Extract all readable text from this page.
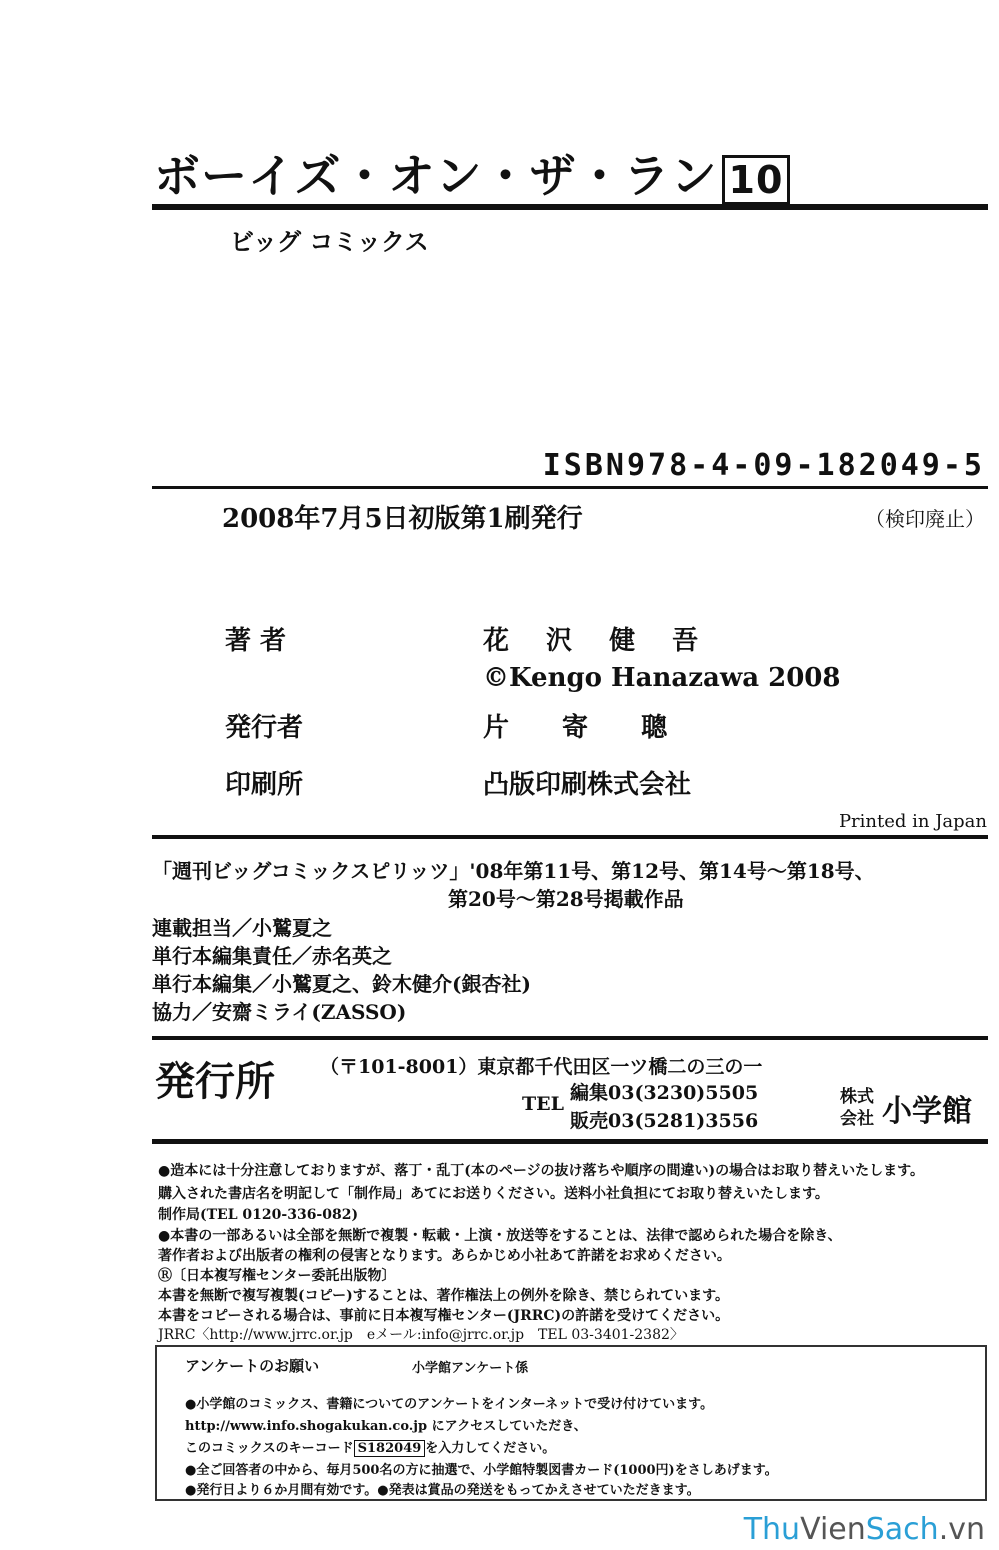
ボーイズ・オン・ザ・ラン 10
ビッグ コミックス
ISBN978-4-09-182049-5
2008年7月5日初版第1刷発行	（検印廃止）
著 者	花 沢 健 吾
©Kengo Hanazawa 2008
発行者	片 寄 聰
印刷所	凸版印刷株式会社
Printed in Japan
「週刊ビッグコミックスピリッツ」'08年第11号、第12号、第14号～第18号、
第20号～第28号掲載作品
連載担当／小鷲夏之
単行本編集責任／赤名英之
単行本編集／小鷲夏之、鈴木健介(銀杏社)
協力／安齋ミライ(ZASSO)
発行所 （〒101-8001）東京都千代田区一ツ橋二の三の一
TEL 編集03(3230)5505
販売03(5281)3556
株式
会社 小学館
●造本には十分注意しておりますが、落丁・乱丁(本のページの抜け落ちや順序の間違い)の場合はお取り替えいたします。
購入された書店名を明記して「制作局」あてにお送りください。送料小社負担にてお取り替えいたします。
制作局(TEL 0120-336-082)
●本書の一部あるいは全部を無断で複製・転載・上演・放送等をすることは、法律で認められた場合を除き、
著作者および出版者の権利の侵害となります。あらかじめ小社あて許諾をお求めください。
Ⓡ〔日本複写権センター委託出版物〕
本書を無断で複写複製(コピー)することは、著作権法上の例外を除き、禁じられています。
本書をコピーされる場合は、事前に日本複写権センター(JRRC)の許諾を受けてください。
JRRC〈http://www.jrrc.or.jp　eメール:info@jrrc.or.jp　TEL 03-3401-2382〉
アンケートのお願い	小学館アンケート係
●小学館のコミックス、書籍についてのアンケートをインターネットで受け付けています。
http://www.info.shogakukan.co.jp にアクセスしていただき、
このコミックスのキーコード S182049 を入力してください。
●全ご回答者の中から、毎月500名の方に抽選で、小学館特製図書カード(1000円)をさしあげます。
●発行日より６か月間有効です。●発表は賞品の発送をもってかえさせていただきます。
ThuVienSach.vn
